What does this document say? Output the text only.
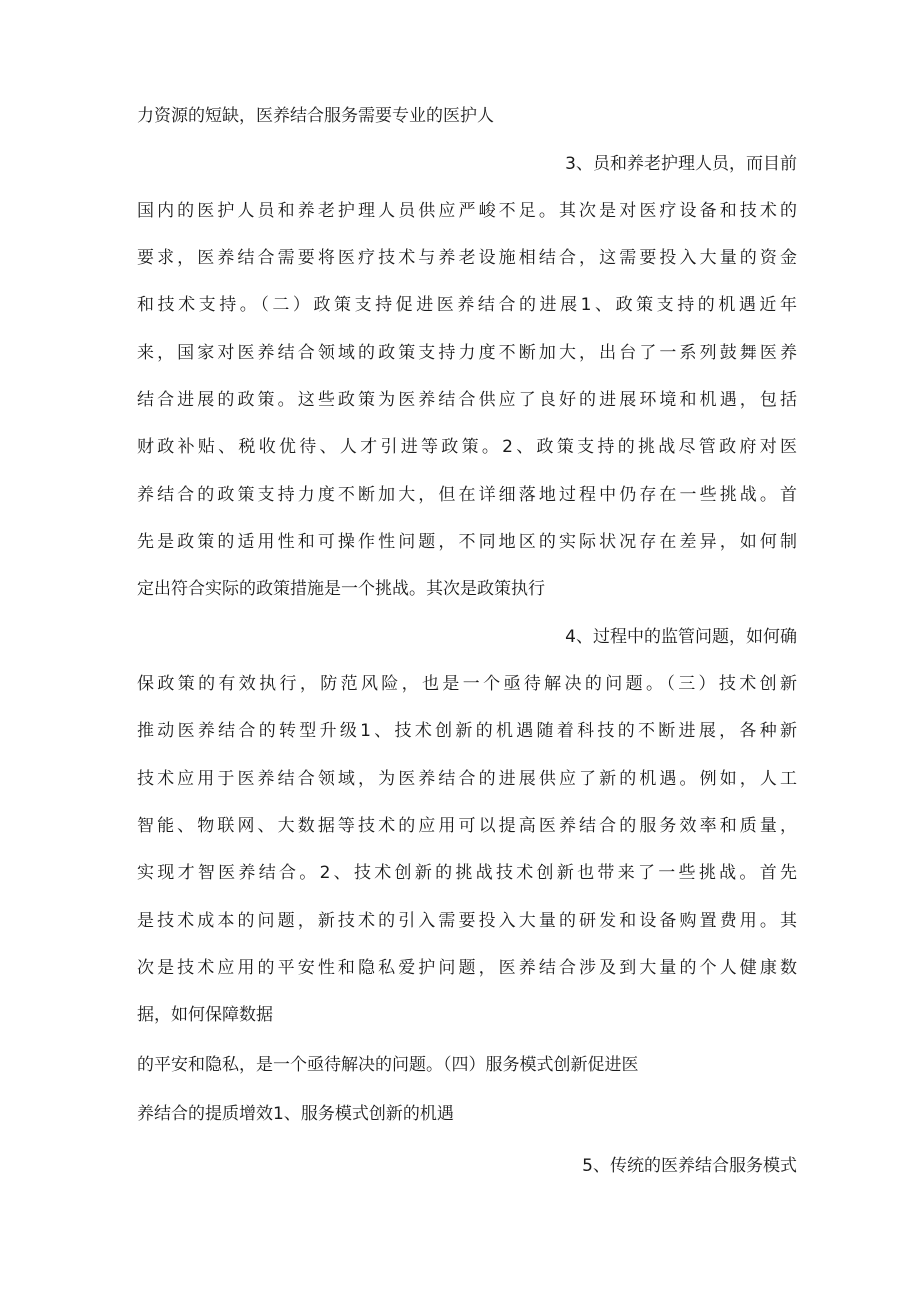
力资源的短缺，医养结合服务需要专业的医护人
3、员和养老护理人员，而目前
国内的医护人员和养老护理人员供应严峻不足。其次是对医疗设备和技术的
要求，医养结合需要将医疗技术与养老设施相结合，这需要投入大量的资金
和技术支持。（二）政策支持促进医养结合的进展1、政策支持的机遇近年
来，国家对医养结合领域的政策支持力度不断加大，出台了一系列鼓舞医养
结合进展的政策。这些政策为医养结合供应了良好的进展环境和机遇，包括
财政补贴、税收优待、人才引进等政策。2、政策支持的挑战尽管政府对医
养结合的政策支持力度不断加大，但在详细落地过程中仍存在一些挑战。首
先是政策的适用性和可操作性问题，不同地区的实际状况存在差异，如何制
定出符合实际的政策措施是一个挑战。其次是政策执行
4、过程中的监管问题，如何确
保政策的有效执行，防范风险，也是一个亟待解决的问题。（三）技术创新
推动医养结合的转型升级1、技术创新的机遇随着科技的不断进展，各种新
技术应用于医养结合领域，为医养结合的进展供应了新的机遇。例如，人工
智能、物联网、大数据等技术的应用可以提高医养结合的服务效率和质量，
实现才智医养结合。2、技术创新的挑战技术创新也带来了一些挑战。首先
是技术成本的问题，新技术的引入需要投入大量的研发和设备购置费用。其
次是技术应用的平安性和隐私爱护问题，医养结合涉及到大量的个人健康数
据，如何保障数据
的平安和隐私，是一个亟待解决的问题。（四）服务模式创新促进医
养结合的提质增效1、服务模式创新的机遇
5、传统的医养结合服务模式
